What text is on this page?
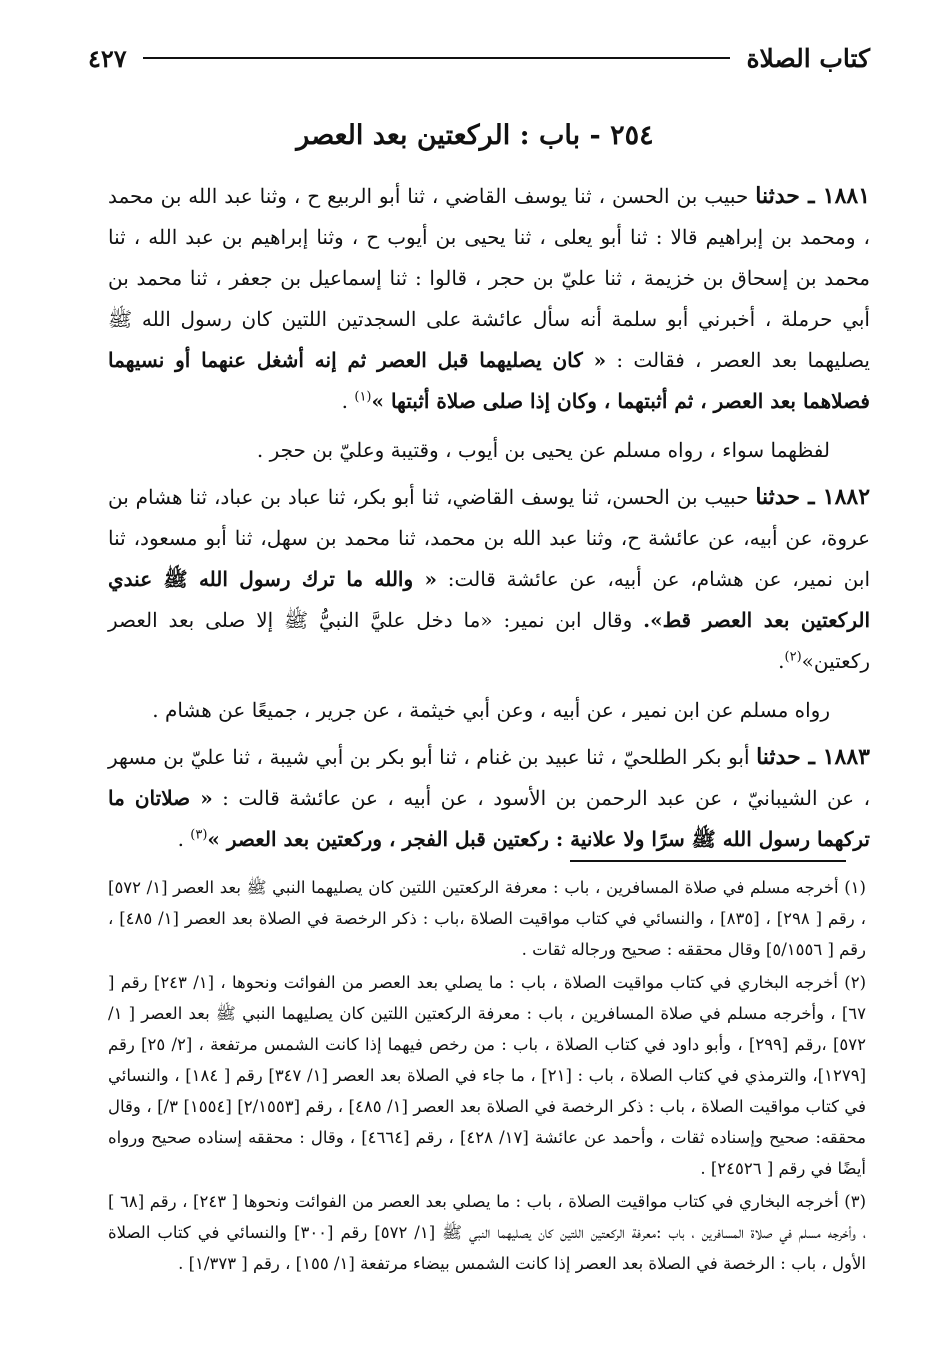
كتاب الصلاة
٤٢٧
٢٥٤ - باب : الركعتين بعد العصر

١٨٨١ ـ حدثنا حبيب بن الحسن ، ثنا يوسف القاضي ، ثنا أبو الربيع ح ، وثنا عبد الله بن محمد ، ومحمد بن إبراهيم قالا : ثنا أبو يعلى ، ثنا يحيى بن أيوب ح ، وثنا إبراهيم بن عبد الله ، ثنا محمد بن إسحاق بن خزيمة ، ثنا عليّ بن حجر ، قالوا : ثنا إسماعيل بن جعفر ، ثنا محمد بن أبي حرملة ، أخبرني أبو سلمة أنه سأل عائشة على السجدتين اللتين كان رسول الله ﷺ يصليهما بعد العصر ، فقالت : « كان يصليهما قبل العصر ثم إنه أشغل عنهما أو نسيهما فصلاهما بعد العصر ، ثم أثبتهما ، وكان إذا صلى صلاة أثبتها »$^{(١)}$ .

لفظهما سواء ، رواه مسلم عن يحيى بن أيوب ، وقتيبة وعليّ بن حجر .

١٨٨٢ ـ حدثنا حبيب بن الحسن، ثنا يوسف القاضي، ثنا أبو بكر، ثنا عباد بن عباد، ثنا هشام بن عروة، عن أبيه، عن عائشة ح، وثنا عبد الله بن محمد، ثنا محمد بن سهل، ثنا أبو مسعود، ثنا ابن نمير، عن هشام، عن أبيه، عن عائشة قالت: « والله ما ترك رسول الله ﷺ عندي الركعتين بعد العصر قط». وقال ابن نمير: «ما دخل عليَّ النبيُّ ﷺ إلا صلى بعد العصر ركعتين»$^{(٢)}$.

رواه مسلم عن ابن نمير ، عن أبيه ، وعن أبي خيثمة ، عن جرير ، جميعًا عن هشام .

١٨٨٣ ـ حدثنا أبو بكر الطلحيّ ، ثنا عبيد بن غنام ، ثنا أبو بكر بن أبي شيبة ، ثنا عليّ بن مسهر ، عن الشيبانيّ ، عن عبد الرحمن بن الأسود ، عن أبيه ، عن عائشة قالت : « صلاتان ما تركهما رسول الله ﷺ سرًا ولا علانية : ركعتين قبل الفجر ، وركعتين بعد العصر »$^{(٣)}$ .

(١) أخرجه مسلم في صلاة المسافرين ، باب : معرفة الركعتين اللتين كان يصليهما النبي ﷺ بعد العصر [١/ ٥٧٢] ، رقم [ ٢٩٨] ، [٨٣٥] ، والنسائي في كتاب مواقيت الصلاة ،باب : ذكر الرخصة في الصلاة بعد العصر [١/ ٤٨٥] ، رقم [ ٥/١٥٥٦] وقال محققه : صحيح ورجاله ثقات .

(٢) أخرجه البخاري في كتاب مواقيت الصلاة ، باب : ما يصلي بعد العصر من الفوائت ونحوها ، [١/ ٢٤٣] رقم [ ٦٧] ، وأخرجه مسلم في صلاة المسافرين ، باب : معرفة الركعتين اللتين كان يصليهما النبي ﷺ بعد العصر [ ١/ ٥٧٢] ،رقم [٢٩٩] ، وأبو داود في كتاب الصلاة ، باب : من رخص فيهما إذا كانت الشمس مرتفعة ، [٢/ ٢٥] رقم [١٢٧٩]، والترمذي في كتاب الصلاة ، باب : [٢١] ، ما جاء في الصلاة بعد العصر [١/ ٣٤٧] رقم [ ١٨٤] ، والنسائي في كتاب مواقيت الصلاة ، باب : ذكر الرخصة في الصلاة بعد العصر [١/ ٤٨٥] ، رقم [٢/١٥٥٣] [١٥٥٤] ٣/] ، وقال محققه: صحيح وإسناده ثقات ، وأحمد عن عائشة [١٧/ ٤٢٨] ، رقم [٤٦٦٤] ، وقال : محققه إسناده صحيح ورواه أيضًا في رقم [ ٢٤٥٢٦] .

(٣) أخرجه البخاري في كتاب مواقيت الصلاة ، باب : ما يصلي بعد العصر من الفوائت ونحوها [ ٢٤٣] ، رقم [٦٨ ] ، وأخرجه مسلم في صلاة المسافرين ، باب :معرفة الركعتين اللتين كان يصليهما النبي ﷺ [١/ ٥٧٢] رقم [٣٠٠] والنسائي في كتاب الصلاة الأول ، باب : الرخصة في الصلاة بعد العصر إذا كانت الشمس بيضاء مرتفعة [١/ ١٥٥] ، رقم [ ١/٣٧٣] .
